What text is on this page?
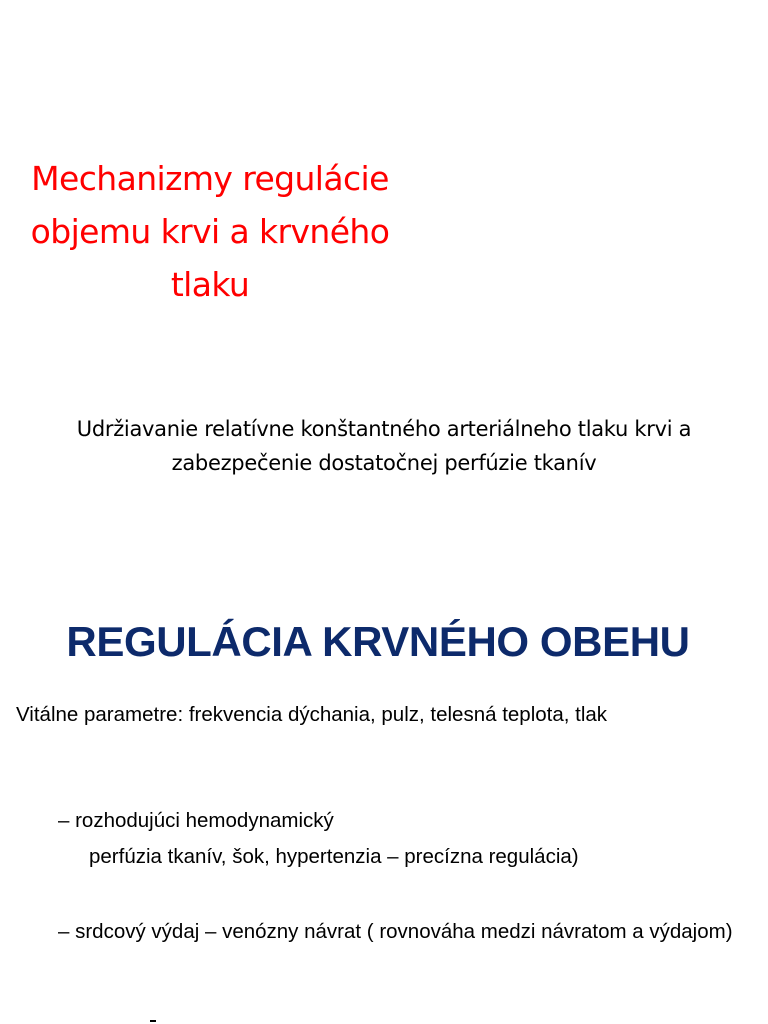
Mechanizmy regulácie
objemu krvi a krvného
tlaku
Udržiavanie relatívne konštantného arteriálneho tlaku krvi a
zabezpečenie dostatočnej perfúzie tkanív
REGULÁCIA KRVNÉHO OBEHU
Vitálne parametre: frekvencia dýchania, pulz, telesná teplota, tlak
– rozhodujúci hemodynamický
perfúzia tkanív, šok, hypertenzia – precízna regulácia)
– srdcový výdaj – venózny návrat ( rovnováha medzi návratom a výdajom)
